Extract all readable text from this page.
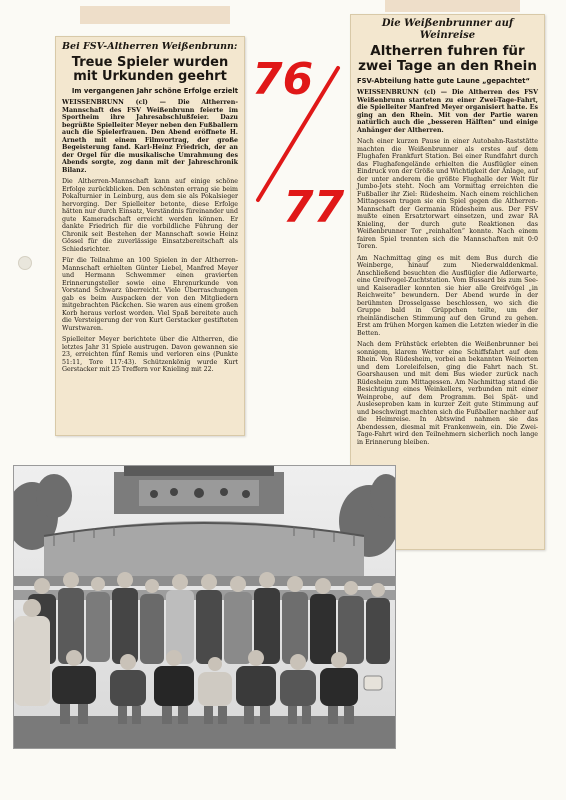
Bei FSV-Altherren Weißenbrunn:
Treue Spieler wurden mit Urkunden geehrt
Im vergangenen Jahr schöne Erfolge erzielt

WEISSENBRUNN (cl) — Die Altherren-Mannschaft des FSV Weißenbrunn feierte im Sportheim ihre Jahresabschlußfeier. Dazu begrüßte Spielleiter Meyer neben den Fußballern auch die Spielerfrauen. Den Abend eröffnete H. Arneth mit einem Filmvortrag, der große Begeisterung fand. Karl-Heinz Friedrich, der an der Orgel für die musikalische Umrahmung des Abends sorgte, zog dann mit der Jahreschronik Bilanz.

Die Altherren-Mannschaft kann auf einige schöne Erfolge zurückblicken. Den schönsten errang sie beim Pokalturnier in Leinburg, aus dem sie als Pokalsieger hervorging. Der Spielleiter betonte, diese Erfolge hätten nur durch Einsatz, Verständnis füreinander und gute Kameradschaft erreicht werden können. Er dankte Friedrich für die vorbildliche Führung der Chronik seit Bestehen der Mannschaft sowie Heinz Gössel für die zuverlässige Einsatzbereitschaft als Schiedsrichter.

Für die Teilnahme an 100 Spielen in der Altherren-Mannschaft erhielten Günter Liebel, Manfred Meyer und Hermann Schwemmer einen gravierten Erinnerungsteller sowie eine Ehrenurkunde von Vorstand Schwarz überreicht. Viele Überraschungen gab es beim Auspacken der von den Mitgliedern mitgebrachten Päckchen. Sie waren aus einem großen Korb heraus verlost worden. Viel Spaß bereitete auch die Versteigerung der von Kurt Gerstacker gestifteten Wurstwaren.

Spielleiter Meyer berichtete über die Altherren, die letztes Jahr 31 Spiele austrugen. Davon gewannen sie 23, erreichten fünf Remis und verloren eins (Punkte 51:11, Tore 117:43). Schützenkönig wurde Kurt Gerstacker mit 25 Treffern vor Knieling mit 22.

Die Weißenbrunner auf Weinreise
Altherren fuhren für zwei Tage an den Rhein
FSV-Abteilung hatte gute Laune „gepachtet“

WEISSENBRUNN (cl) — Die Altherren des FSV Weißenbrunn starteten zu einer Zwei-Tage-Fahrt, die Spielleiter Manfred Meyer organisiert hatte. Es ging an den Rhein. Mit von der Partie waren natürlich auch die „besseren Hälften“ und einige Anhänger der Altherren.

Nach einer kurzen Pause in einer Autobahn-Raststätte machten die Weißenbrunner als erstes auf dem Flughafen Frankfurt Station. Bei einer Rundfahrt durch das Flughafengelände erhielten die Ausflügler einen Eindruck von der Größe und Wichtigkeit der Anlage, auf der unter anderem die größte Flughalle der Welt für Jumbo-Jets steht. Noch am Vormittag erreichten die Fußballer ihr Ziel: Rüdesheim. Nach einem reichlichen Mittagessen trugen sie ein Spiel gegen die Altherren-Mannschaft der Germania Rüdesheim aus. Der FSV mußte einen Ersatztorwart einsetzen, und zwar RA Knieling, der durch gute Reaktionen das Weißenbrunner Tor „reinhalten“ konnte. Nach einem fairen Spiel trennten sich die Mannschaften mit 0:0 Toren.

Am Nachmittag ging es mit dem Bus durch die Weinberge, hinauf zum Niederwalddenkmal. Anschließend besuchten die Ausflügler die Adlerwarte, eine Greifvogel-Zuchtstation. Vom Bussard bis zum See- und Kaiseradler konnten sie hier alle Greifvögel „in Reichweite“ bewundern. Der Abend wurde in der berühmten Drosselgasse beschlossen, wo sich die Gruppe bald in Grüppchen teilte, um der rheinländischen Stimmung auf den Grund zu gehen. Erst am frühen Morgen kamen die Letzten wieder in die Betten.

Nach dem Frühstück erlebten die Weißenbrunner bei sonnigem, klarem Wetter eine Schiffsfahrt auf dem Rhein. Von Rüdesheim, vorbei an bekannten Weinorten und dem Loreleifelsen, ging die Fahrt nach St. Goarshausen und mit dem Bus wieder zurück nach Rüdesheim zum Mittagessen. Am Nachmittag stand die Besichtigung eines Weinkellers, verbunden mit einer Weinprobe, auf dem Programm. Bei Spät- und Ausleseproben kam in kurzer Zeit gute Stimmung auf und beschwingt machten sich die Fußballer nachher auf die Heimreise. In Abtswind nahmen sie das Abendessen, diesmal mit Frankenwein, ein. Die Zwei-Tage-Fahrt wird den Teilnehmern sicherlich noch lange in Erinnerung bleiben.

76
77
